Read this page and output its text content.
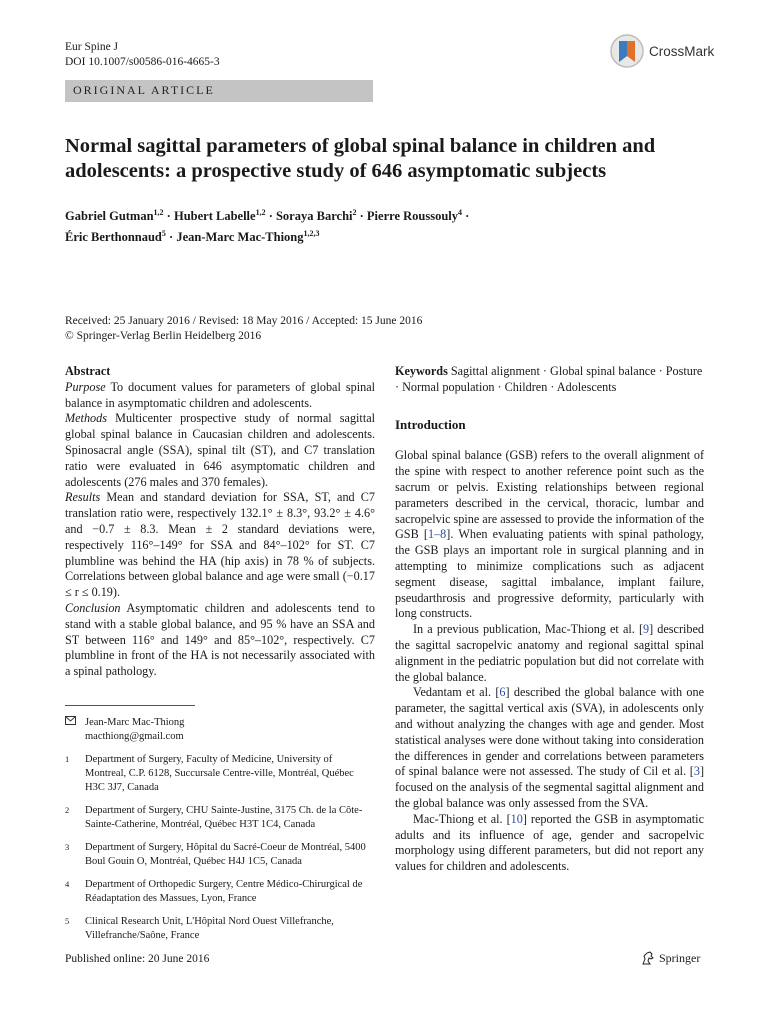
Eur Spine J
DOI 10.1007/s00586-016-4665-3
CrossMark
ORIGINAL ARTICLE
Normal sagittal parameters of global spinal balance in children and adolescents: a prospective study of 646 asymptomatic subjects
Gabriel Gutman$^{1,2}$ · Hubert Labelle$^{1,2}$ · Soraya Barchi$^2$ · Pierre Roussouly$^4$ ·
Éric Berthonnaud$^5$ · Jean-Marc Mac-Thiong$^{1,2,3}$
Received: 25 January 2016 / Revised: 18 May 2016 / Accepted: 15 June 2016
© Springer-Verlag Berlin Heidelberg 2016

Abstract

Purpose To document values for parameters of global spinal balance in asymptomatic children and adolescents.

Methods Multicenter prospective study of normal sagittal global spinal balance in Caucasian children and adolescents. Spinosacral angle (SSA), spinal tilt (ST), and C7 translation ratio were evaluated in 646 asymptomatic children and adolescents (276 males and 370 females).

Results Mean and standard deviation for SSA, ST, and C7 translation ratio were, respectively 132.1° ± 8.3°, 93.2° ± 4.6° and −0.7 ± 8.3. Mean ± 2 standard deviations were, respectively 116°–149° for SSA and 84°–102° for ST. C7 plumbline was behind the HA (hip axis) in 78 % of subjects. Correlations between global balance and age were small (−0.17 ≤ r ≤ 0.19).

Conclusion Asymptomatic children and adolescents tend to stand with a stable global balance, and 95 % have an SSA and ST between 116° and 149° and 85°–102°, respectively. C7 plumbline in front of the HA is not necessarily associated with a spinal pathology.

Jean-Marc Mac-Thiong
macthiong@gmail.com
1	Department of Surgery, Faculty of Medicine, University of Montreal, C.P. 6128, Succursale Centre-ville, Montréal, Québec H3C 3J7, Canada
2	Department of Surgery, CHU Sainte-Justine, 3175 Ch. de la Côte-Sainte-Catherine, Montréal, Québec H3T 1C4, Canada
3	Department of Surgery, Hôpital du Sacré-Coeur de Montréal, 5400 Boul Gouin O, Montréal, Québec H4J 1C5, Canada
4	Department of Orthopedic Surgery, Centre Médico-Chirurgical de Réadaptation des Massues, Lyon, France
5	Clinical Research Unit, L'Hôpital Nord Ouest Villefranche, Villefranche/Saône, France

Keywords Sagittal alignment · Global spinal balance · Posture · Normal population · Children · Adolescents

Introduction

Global spinal balance (GSB) refers to the overall alignment of the spine with respect to another reference point such as the sacrum or pelvis. Existing relationships between regional parameters described in the cervical, thoracic, lumbar and sacropelvic spine are assessed to provide the information of the GSB [1–8]. When evaluating patients with spinal pathology, the GSB plays an important role in surgical planning and in attempting to minimize complications such as adjacent segment disease, sagittal imbalance, implant failure, pseudarthrosis and progressive deformity, particularly with long constructs.

In a previous publication, Mac-Thiong et al. [9] described the sagittal sacropelvic anatomy and regional sagittal spinal alignment in the pediatric population but did not correlate with the global balance.

Vedantam et al. [6] described the global balance with one parameter, the sagittal vertical axis (SVA), in adolescents only and without analyzing the changes with age and gender. Most statistical analyses were done without taking into consideration the differences in gender and correlations between parameters of spinal balance were not assessed. The study of Cil et al. [3] focused on the analysis of the segmental sagittal alignment and the global balance was only assessed from the SVA.

Mac-Thiong et al. [10] reported the GSB in asymptomatic adults and its influence of age, gender and sacropelvic morphology using different parameters, but did not report any values for children and adolescents.

Published online: 20 June 2016	Springer
